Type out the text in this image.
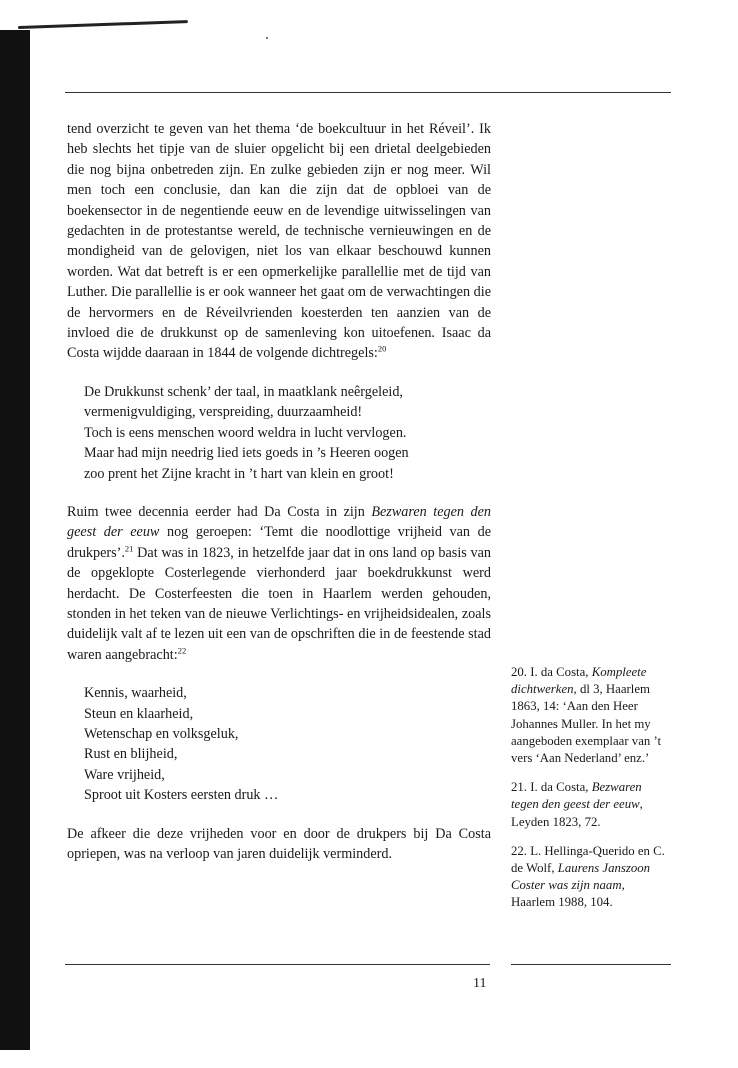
tend overzicht te geven van het thema ‘de boekcultuur in het Réveil’. Ik heb slechts het tipje van de sluier opgelicht bij een drietal deelgebieden die nog bijna onbetreden zijn. En zulke gebieden zijn er nog meer. Wil men toch een conclusie, dan kan die zijn dat de opbloei van de boekensector in de negentiende eeuw en de levendige uitwisselingen van gedachten in de protestantse wereld, de technische vernieuwingen en de mondigheid van de gelovigen, niet los van elkaar beschouwd kunnen worden. Wat dat betreft is er een opmerkelijke parallellie met de tijd van Luther. Die parallellie is er ook wanneer het gaat om de verwachtingen die de hervormers en de Réveilvrienden koesterden ten aanzien van de invloed die de drukkunst op de samenleving kon uitoefenen. Isaac da Costa wijdde daaraan in 1844 de volgende dichtregels:$^{20}$

De Drukkunst schenk’ der taal, in maatklank neêrgeleid,
vermenigvuldiging, verspreiding, duurzaamheid!
Toch is eens menschen woord weldra in lucht vervlogen.
Maar had mijn needrig lied iets goeds in ’s Heeren oogen
zoo prent het Zijne kracht in ’t hart van klein en groot!

Ruim twee decennia eerder had Da Costa in zijn Bezwaren tegen den geest der eeuw nog geroepen: ‘Temt die noodlottige vrijheid van de drukpers’.$^{21}$ Dat was in 1823, in hetzelfde jaar dat in ons land op basis van de opgeklopte Costerlegende vierhonderd jaar boekdrukkunst werd herdacht. De Costerfeesten die toen in Haarlem werden gehouden, stonden in het teken van de nieuwe Verlichtings- en vrijheidsidealen, zoals duidelijk valt af te lezen uit een van de opschriften die in de feestende stad waren aangebracht:$^{22}$

Kennis, waarheid,
Steun en klaarheid,
Wetenschap en volksgeluk,
Rust en blijheid,
Ware vrijheid,
Sproot uit Kosters eersten druk …

De afkeer die deze vrijheden voor en door de drukpers bij Da Costa opriepen, was na verloop van jaren duidelijk verminderd.

20. I. da Costa, Kompleete dichtwerken, dl 3, Haarlem 1863, 14: ‘Aan den Heer Johannes Muller. In het my aangeboden exemplaar van ’t vers ‘Aan Nederland’ enz.’

21. I. da Costa, Bezwaren tegen den geest der eeuw, Leyden 1823, 72.

22. L. Hellinga-Querido en C. de Wolf, Laurens Janszoon Coster was zijn naam, Haarlem 1988, 104.

11
